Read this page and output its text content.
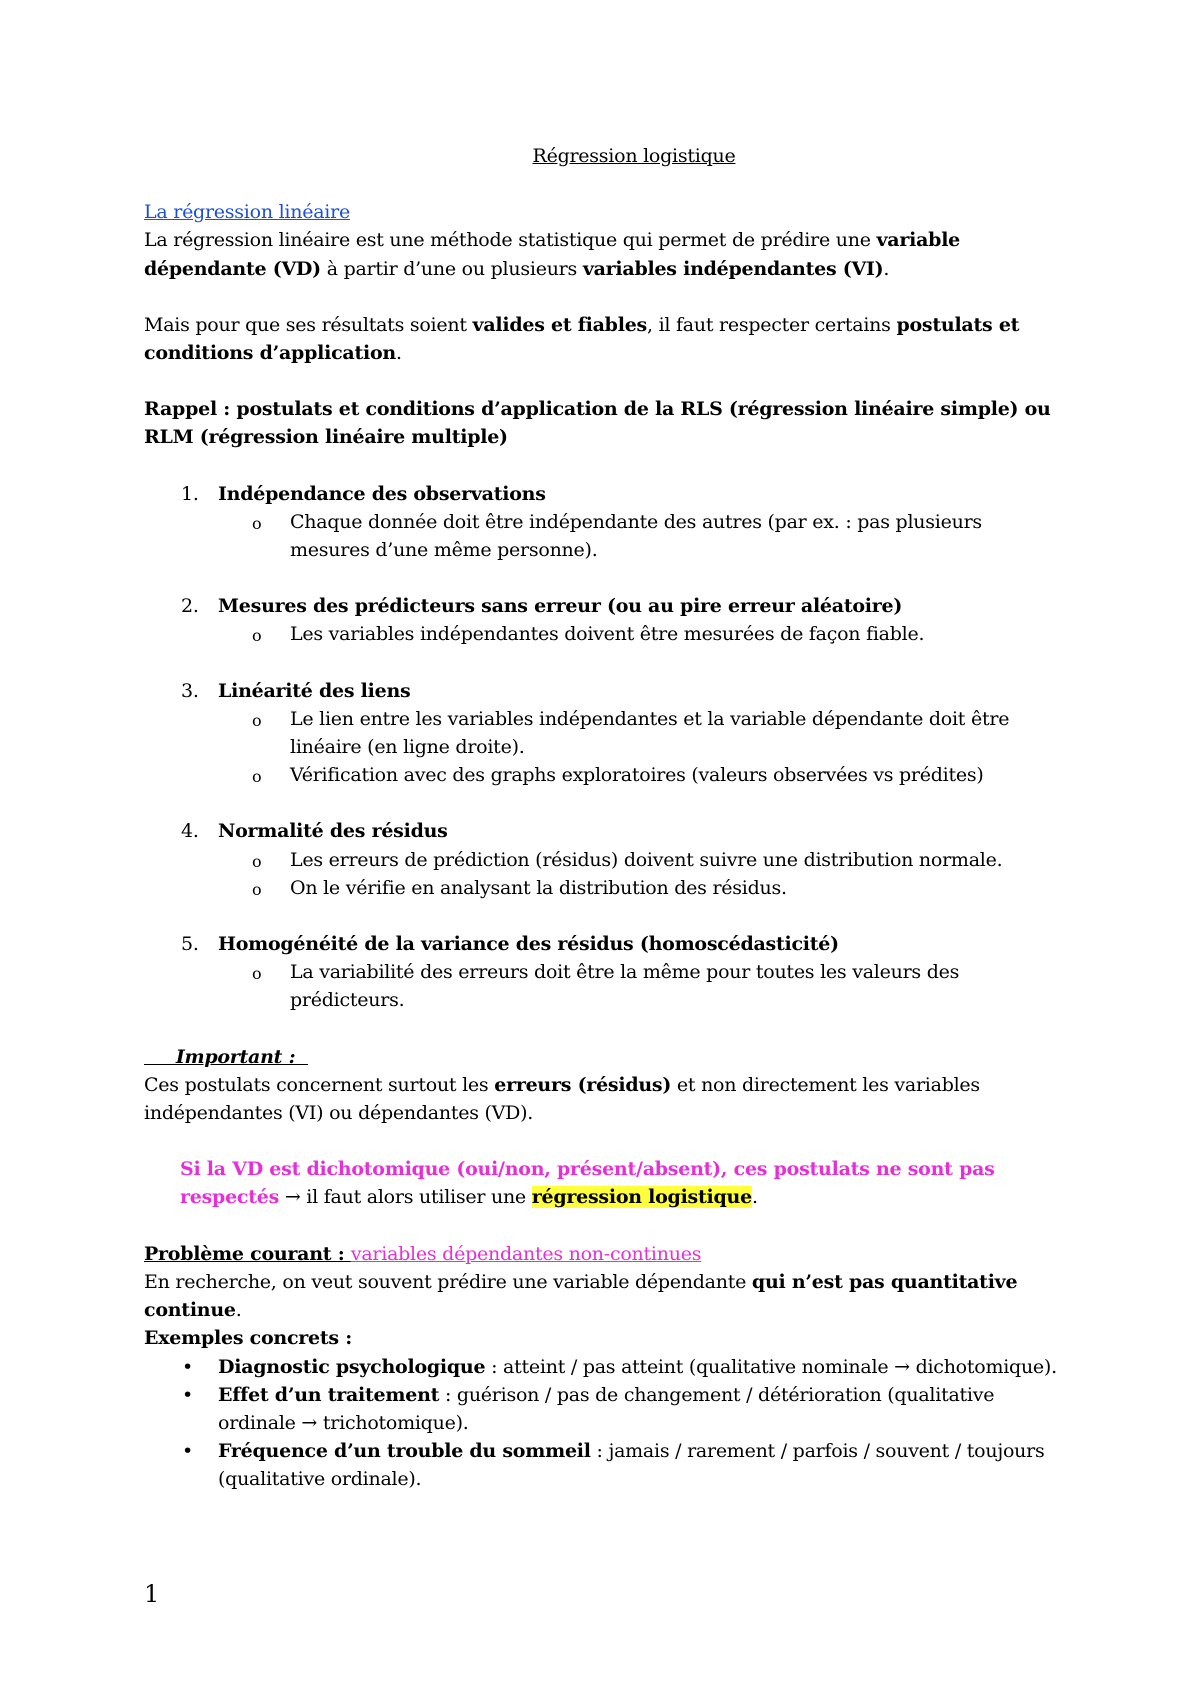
Régression logistique

La régression linéaire

La régression linéaire est une méthode statistique qui permet de prédire une variable dépendante (VD) à partir d’une ou plusieurs variables indépendantes (VI).

Mais pour que ses résultats soient valides et fiables, il faut respecter certains postulats et conditions d’application.

Rappel : postulats et conditions d’application de la RLS (régression linéaire simple) ou RLM (régression linéaire multiple)

1. Indépendance des observations
o Chaque donnée doit être indépendante des autres (par ex. : pas plusieurs mesures d’une même personne).
2. Mesures des prédicteurs sans erreur (ou au pire erreur aléatoire)
o Les variables indépendantes doivent être mesurées de façon fiable.
3. Linéarité des liens
o Le lien entre les variables indépendantes et la variable dépendante doit être linéaire (en ligne droite).
o Vérification avec des graphs exploratoires (valeurs observées vs prédites)
4. Normalité des résidus
o Les erreurs de prédiction (résidus) doivent suivre une distribution normale.
o On le vérifie en analysant la distribution des résidus.
5. Homogénéité de la variance des résidus (homoscédasticité)
o La variabilité des erreurs doit être la même pour toutes les valeurs des prédicteurs.

Important :

Ces postulats concernent surtout les erreurs (résidus) et non directement les variables indépendantes (VI) ou dépendantes (VD).

Si la VD est dichotomique (oui/non, présent/absent), ces postulats ne sont pas respectés → il faut alors utiliser une régression logistique.

Problème courant : variables dépendantes non-continues

En recherche, on veut souvent prédire une variable dépendante qui n’est pas quantitative continue.

Exemples concrets :

• Diagnostic psychologique : atteint / pas atteint (qualitative nominale → dichotomique).
• Effet d’un traitement : guérison / pas de changement / détérioration (qualitative ordinale → trichotomique).
• Fréquence d’un trouble du sommeil : jamais / rarement / parfois / souvent / toujours (qualitative ordinale).
1
